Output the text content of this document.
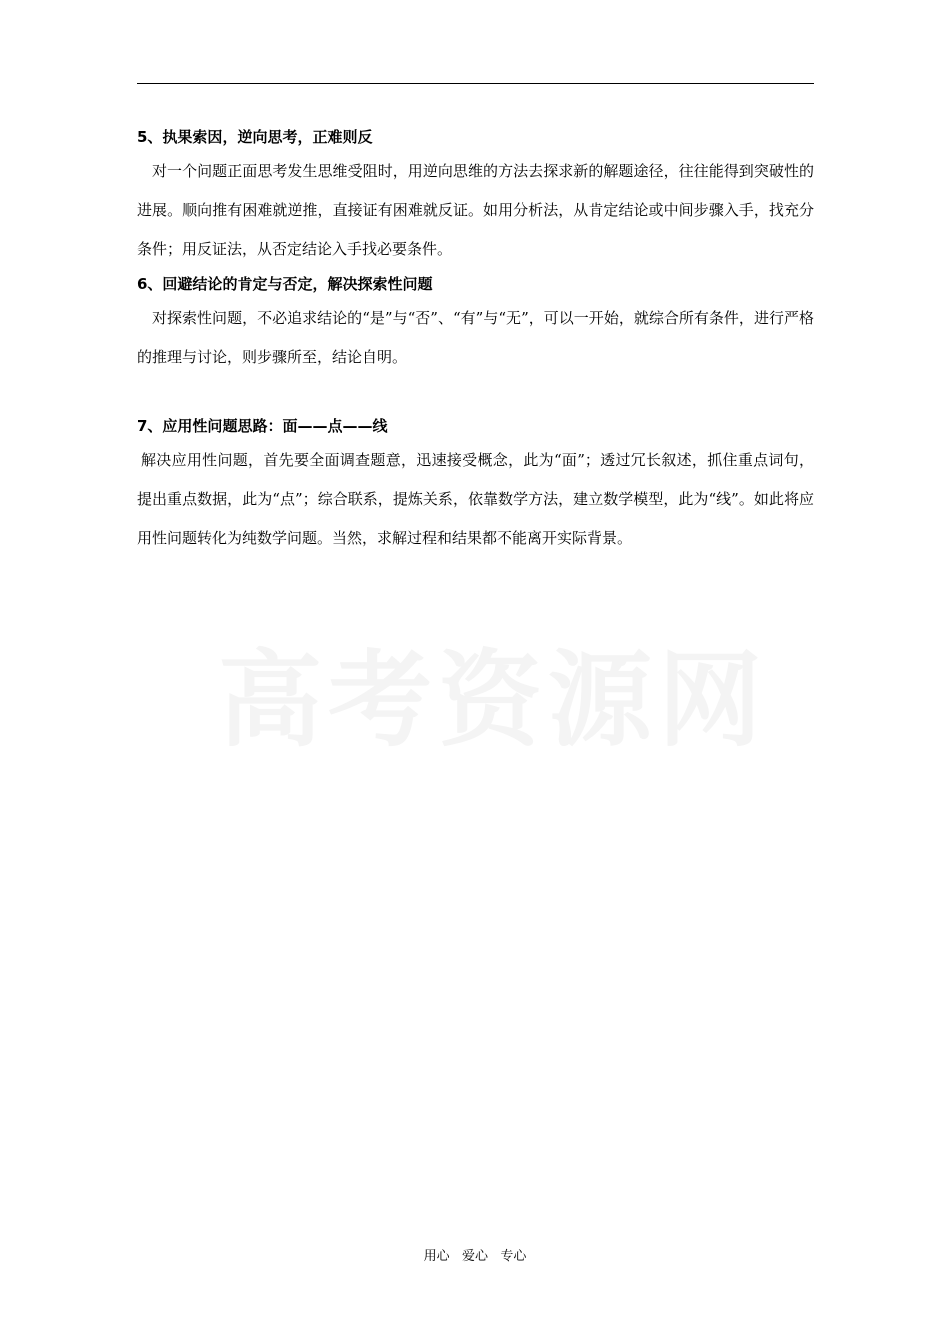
5、执果索因，逆向思考，正难则反

对一个问题正面思考发生思维受阻时，用逆向思维的方法去探求新的解题途径，往往能得到突破性的进展。顺向推有困难就逆推，直接证有困难就反证。如用分析法，从肯定结论或中间步骤入手，找充分条件；用反证法，从否定结论入手找必要条件。

6、回避结论的肯定与否定，解决探索性问题

对探索性问题，不必追求结论的“是”与“否”、“有”与“无”，可以一开始，就综合所有条件，进行严格的推理与讨论，则步骤所至，结论自明。

7、应用性问题思路：面——点——线

解决应用性问题，首先要全面调查题意，迅速接受概念，此为“面”；透过冗长叙述，抓住重点词句，提出重点数据，此为“点”；综合联系，提炼关系，依靠数学方法，建立数学模型，此为“线”。如此将应用性问题转化为纯数学问题。当然，求解过程和结果都不能离开实际背景。

高考资源网
用心   爱心   专心
